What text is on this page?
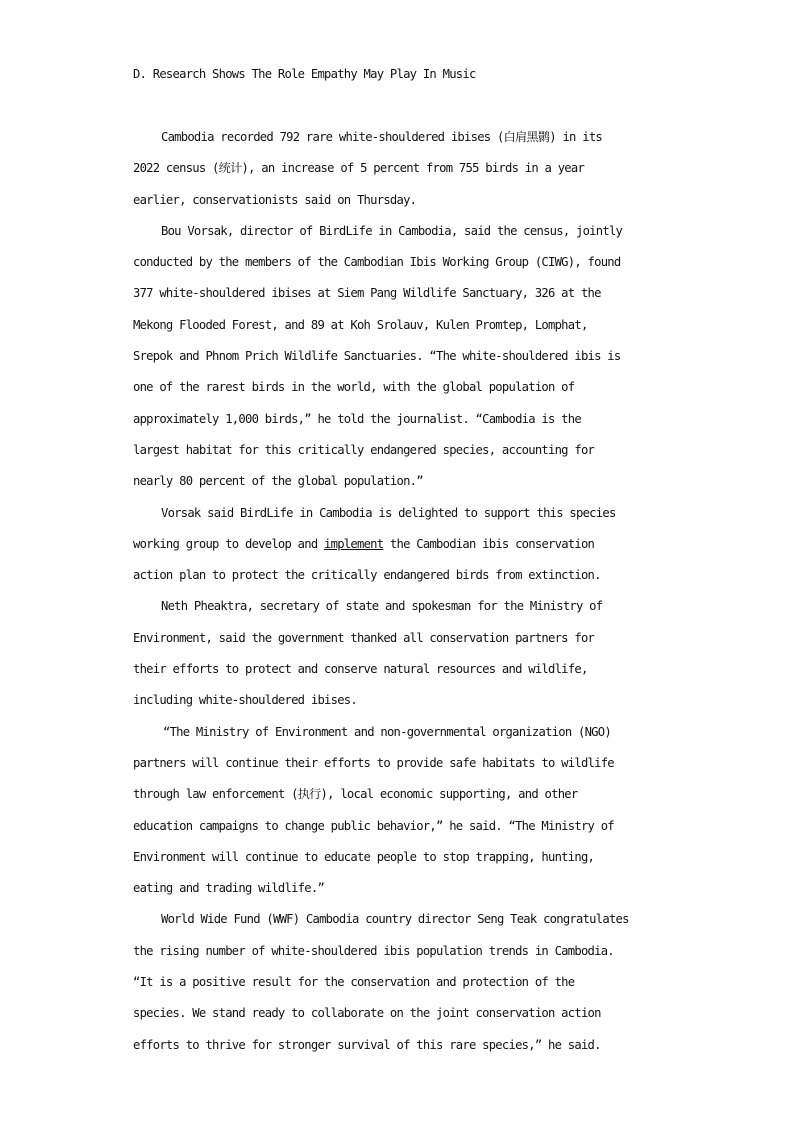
D. Research Shows The Role Empathy May Play In Music
Cambodia recorded 792 rare white-shouldered ibises (白肩黑鹮) in its
2022 census (统计), an increase of 5 percent from 755 birds in a year
earlier, conservationists said on Thursday.
Bou Vorsak, director of BirdLife in Cambodia, said the census, jointly
conducted by the members of the Cambodian Ibis Working Group (CIWG), found
377 white-shouldered ibises at Siem Pang Wildlife Sanctuary, 326 at the
Mekong Flooded Forest, and 89 at Koh Srolauv, Kulen Promtep, Lomphat,
Srepok and Phnom Prich Wildlife Sanctuaries. “The white-shouldered ibis is
one of the rarest birds in the world, with the global population of
approximately 1,000 birds,” he told the journalist. “Cambodia is the
largest habitat for this critically endangered species, accounting for
nearly 80 percent of the global population.”
Vorsak said BirdLife in Cambodia is delighted to support this species
working group to develop and implement the Cambodian ibis conservation
action plan to protect the critically endangered birds from extinction.
Neth Pheaktra, secretary of state and spokesman for the Ministry of
Environment, said the government thanked all conservation partners for
their efforts to protect and conserve natural resources and wildlife,
including white-shouldered ibises.
“The Ministry of Environment and non-governmental organization (NGO)
partners will continue their efforts to provide safe habitats to wildlife
through law enforcement (执行), local economic supporting, and other
education campaigns to change public behavior,” he said. “The Ministry of
Environment will continue to educate people to stop trapping, hunting,
eating and trading wildlife.”
World Wide Fund (WWF) Cambodia country director Seng Teak congratulates
the rising number of white-shouldered ibis population trends in Cambodia.
“It is a positive result for the conservation and protection of the
species. We stand ready to collaborate on the joint conservation action
efforts to thrive for stronger survival of this rare species,” he said.
